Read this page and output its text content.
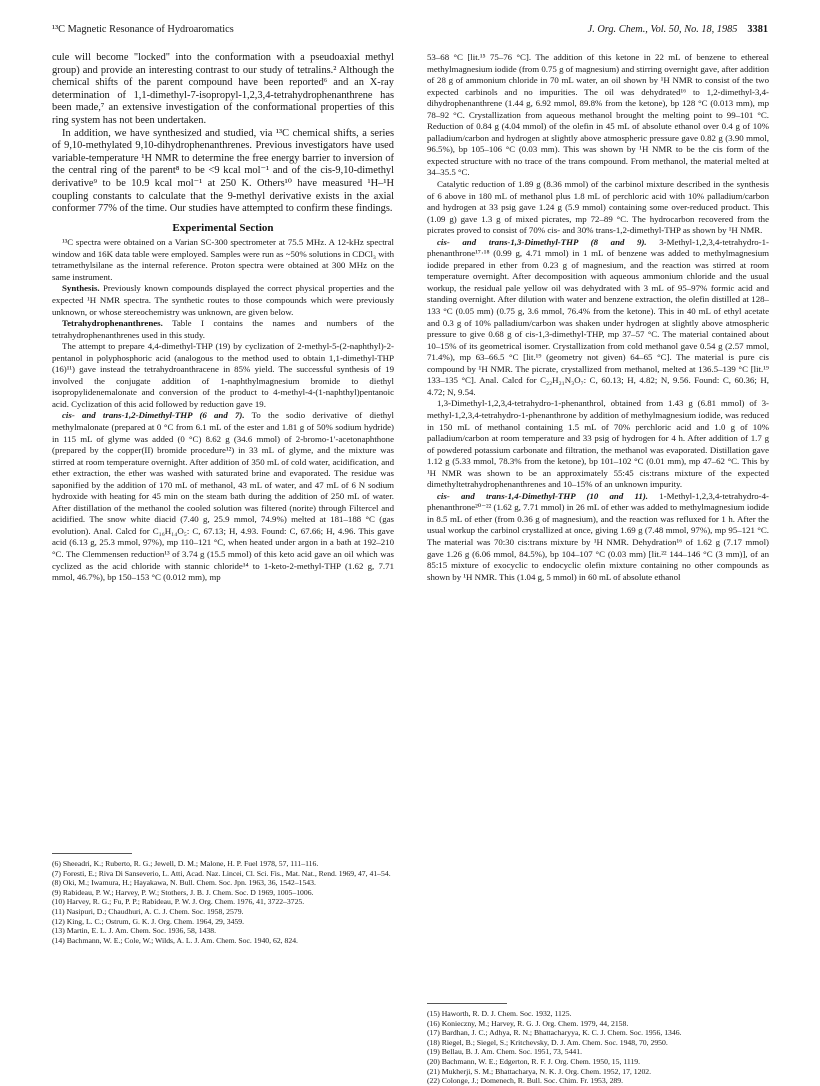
¹³C Magnetic Resonance of Hydroaromatics	J. Org. Chem., Vol. 50, No. 18, 1985 3381

cule will become "locked" into the conformation with a pseudoaxial methyl group) and provide an interesting contrast to our study of tetralins.² Although the chemical shifts of the parent compound have been reported⁶ and an X-ray determination of 1,1-dimethyl-7-isopropyl-1,2,3,4-tetrahydrophenanthrene has been made,⁷ an extensive investigation of the conformational properties of this ring system has not been undertaken.

In addition, we have synthesized and studied, via ¹³C chemical shifts, a series of 9,10-methylated 9,10-dihydrophenanthrenes. Previous investigators have used variable-temperature ¹H NMR to determine the free energy barrier to inversion of the central ring of the parent⁸ to be <9 kcal mol⁻¹ and of the cis-9,10-dimethyl derivative⁹ to be 10.9 kcal mol⁻¹ at 250 K. Others¹⁰ have measured ¹H–¹H coupling constants to calculate that the 9-methyl derivative exists in the axial conformer 77% of the time. Our studies have attempted to confirm these findings.

Experimental Section

¹³C spectra were obtained on a Varian SC-300 spectrometer at 75.5 MHz. A 12-kHz spectral window and 16K data table were employed. Samples were run as ~50% solutions in CDCl₃ with tetramethylsilane as the internal reference. Proton spectra were obtained at 300 MHz on the same instrument.

Synthesis. Previously known compounds displayed the correct physical properties and the expected ¹H NMR spectra. The synthetic routes to those compounds which were previously unknown, or whose stereochemistry was unknown, are given below.

Tetrahydrophenanthrenes. Table I contains the names and numbers of the tetrahydrophenanthrenes used in this study.

The attempt to prepare 4,4-dimethyl-THP (19) by cyclization of 2-methyl-5-(2-naphthyl)-2-pentanol in polyphosphoric acid (analogous to the method used to obtain 1,1-dimethyl-THP (16)¹¹) gave instead the tetrahydroanthracene in 85% yield. The successful synthesis of 19 involved the conjugate addition of 1-naphthylmagnesium bromide to diethyl isopropylidenemalonate and conversion of the product to 4-methyl-4-(1-naphthyl)pentanoic acid. Cyclization of this acid followed by reduction gave 19.

cis- and trans-1,2-Dimethyl-THP (6 and 7). To the sodio derivative of diethyl methylmalonate (prepared at 0 °C from 6.1 mL of the ester and 1.81 g of 50% sodium hydride) in 115 mL of glyme was added (0 °C) 8.62 g (34.6 mmol) of 2-bromo-1′-acetonaphthone (prepared by the copper(II) bromide procedure¹²) in 33 mL of glyme, and the mixture was stirred at room temperature overnight. After addition of 350 mL of cold water, acidification, and ether extraction, the ether was washed with saturated brine and evaporated. The residue was saponified by the addition of 170 mL of methanol, 43 mL of water, and 47 mL of 6 N sodium hydroxide with heating for 45 min on the steam bath during the addition of 250 mL of water. After distillation of the methanol the cooled solution was filtered (norite) through Filtercel and acidified. The snow white diacid (7.40 g, 25.9 mmol, 74.9%) melted at 181–188 °C (gas evolution). Anal. Calcd for C₁₆H₁₄O₅: C, 67.13; H, 4.93. Found: C, 67.66; H, 4.96. This gave acid (6.13 g, 25.3 mmol, 97%), mp 110–121 °C, when heated under argon in a bath at 192–210 °C. The Clemmensen reduction¹³ of 3.74 g (15.5 mmol) of this keto acid gave an oil which was cyclized as the acid chloride with stannic chloride¹⁴ to 1-keto-2-methyl-THP (1.62 g, 7.71 mmol, 46.7%), bp 150–153 °C (0.012 mm), mp

(6) Sheeadri, K.; Ruberto, R. G.; Jewell, D. M.; Malone, H. P. Fuel 1978, 57, 111–116.

(7) Foresti, E.; Riva Di Sanseverio, L. Atti, Acad. Naz. Lincei, Cl. Sci. Fis., Mat. Nat., Rend. 1969, 47, 41–54.

(8) Oki, M.; Iwamura, H.; Hayakawa, N. Bull. Chem. Soc. Jpn. 1963, 36, 1542–1543.

(9) Rabideau, P. W.; Harvey, P. W.; Stothers, J. B. J. Chem. Soc. D 1969, 1005–1006.

(10) Harvey, R. G.; Fu, P. P.; Rabideau, P. W. J. Org. Chem. 1976, 41, 3722–3725.

(11) Nasipuri, D.; Chaudhuri, A. C. J. Chem. Soc. 1958, 2579.

(12) King, L. C.; Ostrum, G. K. J. Org. Chem. 1964, 29, 3459.

(13) Martin, E. L. J. Am. Chem. Soc. 1936, 58, 1438.

(14) Bachmann, W. E.; Cole, W.; Wilds, A. L. J. Am. Chem. Soc. 1940, 62, 824.

53–68 °C [lit.¹⁵ 75–76 °C]. The addition of this ketone in 22 mL of benzene to ethereal methylmagnesium iodide (from 0.75 g of magnesium) and stirring overnight gave, after addition of 28 g of ammonium chloride in 70 mL water, an oil shown by ¹H NMR to consist of the two expected carbinols and no impurities. The oil was dehydrated¹⁶ to 1,2-dimethyl-3,4-dihydrophenanthrene (1.44 g, 6.92 mmol, 89.8% from the ketone), bp 128 °C (0.013 mm), mp 78–92 °C. Crystallization from aqueous methanol brought the melting point to 99–101 °C. Reduction of 0.84 g (4.04 mmol) of the olefin in 45 mL of absolute ethanol over 0.4 g of 10% palladium/carbon and hydrogen at slightly above atmospheric pressure gave 0.82 g (3.90 mmol, 96.5%), bp 105–106 °C (0.03 mm). This was shown by ¹H NMR to be the cis form of the expected structure with no trace of the trans compound. From methanol, the material melted at 34–35.5 °C.

Catalytic reduction of 1.89 g (8.36 mmol) of the carbinol mixture described in the synthesis of 6 above in 180 mL of methanol plus 1.8 mL of perchloric acid with 10% palladium/carbon and hydrogen at 33 psig gave 1.24 g (5.9 mmol) containing some over-reduced product. This (1.09 g) gave 1.3 g of mixed picrates, mp 72–89 °C. The hydrocarbon recovered from the picrates proved to consist of 70% cis- and 30% trans-1,2-dimethyl-THP as shown by ¹H NMR.

cis- and trans-1,3-Dimethyl-THP (8 and 9). 3-Methyl-1,2,3,4-tetrahydro-1-phenanthrone¹⁷·¹⁸ (0.99 g, 4.71 mmol) in 1 mL of benzene was added to methylmagnesium iodide prepared in ether from 0.23 g of magnesium, and the reaction was stirred at room temperature overnight. After decomposition with aqueous ammonium chloride and the usual workup, the residual pale yellow oil was dehydrated with 3 mL of 95–97% formic acid and standing overnight. After dilution with water and benzene extraction, the olefin distilled at 128–133 °C (0.05 mm) (0.75 g, 3.6 mmol, 76.4% from the ketone). This in 40 mL of ethyl acetate and 0.3 g of 10% palladium/carbon was shaken under hydrogen at slightly above atmospheric pressure to give 0.68 g of cis-1,3-dimethyl-THP, mp 37–57 °C. The material contained about 10–15% of its geometrical isomer. Crystallization from cold methanol gave 0.54 g (2.57 mmol, 71.4%), mp 63–66.5 °C [lit.¹⁹ (geometry not given) 64–65 °C]. The material is pure cis compound by ¹H NMR. The picrate, crystallized from methanol, melted at 136.5–139 °C [lit.¹⁹ 133–135 °C]. Anal. Calcd for C₂₂H₂₁N₃O₇: C, 60.13; H, 4.82; N, 9.56. Found: C, 60.36; H, 4.72; N, 9.54.

1,3-Dimethyl-1,2,3,4-tetrahydro-1-phenanthrol, obtained from 1.43 g (6.81 mmol) of 3-methyl-1,2,3,4-tetrahydro-1-phenanthrone by addition of methylmagnesium iodide, was reduced in 150 mL of methanol containing 1.5 mL of 70% perchloric acid and 1.0 g of 10% palladium/carbon at room temperature and 33 psig of hydrogen for 4 h. After addition of 1.7 g of powdered potassium carbonate and filtration, the methanol was evaporated. Distillation gave 1.12 g (5.33 mmol, 78.3% from the ketone), bp 101–102 °C (0.01 mm), mp 47–62 °C. This by ¹H NMR was shown to be an approximately 55:45 cis:trans mixture of the expected dimethyltetrahydrophenanthrenes and 10–15% of an unknown impurity.

cis- and trans-1,4-Dimethyl-THP (10 and 11). 1-Methyl-1,2,3,4-tetrahydro-4-phenanthrone²⁰⁻²² (1.62 g, 7.71 mmol) in 26 mL of ether was added to methylmagnesium iodide in 8.5 mL of ether (from 0.36 g of magnesium), and the reaction was refluxed for 1 h. After the usual workup the carbinol crystallized at once, giving 1.69 g (7.48 mmol, 97%), mp 95–121 °C. The material was 70:30 cis:trans mixture by ¹H NMR. Dehydration¹⁶ of 1.62 g (7.17 mmol) gave 1.26 g (6.06 mmol, 84.5%), bp 104–107 °C (0.03 mm) [lit.²² 144–146 °C (3 mm)], of an 85:15 mixture of exocyclic to endocyclic olefin mixture containing no other compounds as shown by ¹H NMR. This (1.04 g, 5 mmol) in 60 mL of absolute ethanol

(15) Haworth, R. D. J. Chem. Soc. 1932, 1125.

(16) Konieczny, M.; Harvey, R. G. J. Org. Chem. 1979, 44, 2158.

(17) Bardhan, J. C.; Adhya, R. N.; Bhattacharyya, K. C. J. Chem. Soc. 1956, 1346.

(18) Riegel, B.; Siegel, S.; Kritchevsky, D. J. Am. Chem. Soc. 1948, 70, 2950.

(19) Bellau, B. J. Am. Chem. Soc. 1951, 73, 5441.

(20) Bachmann, W. E.; Edgerton, R. F. J. Org. Chem. 1950, 15, 1119.

(21) Mukherji, S. M.; Bhattacharya, N. K. J. Org. Chem. 1952, 17, 1202.

(22) Colonge, J.; Domenech, R. Bull. Soc. Chim. Fr. 1953, 289.
